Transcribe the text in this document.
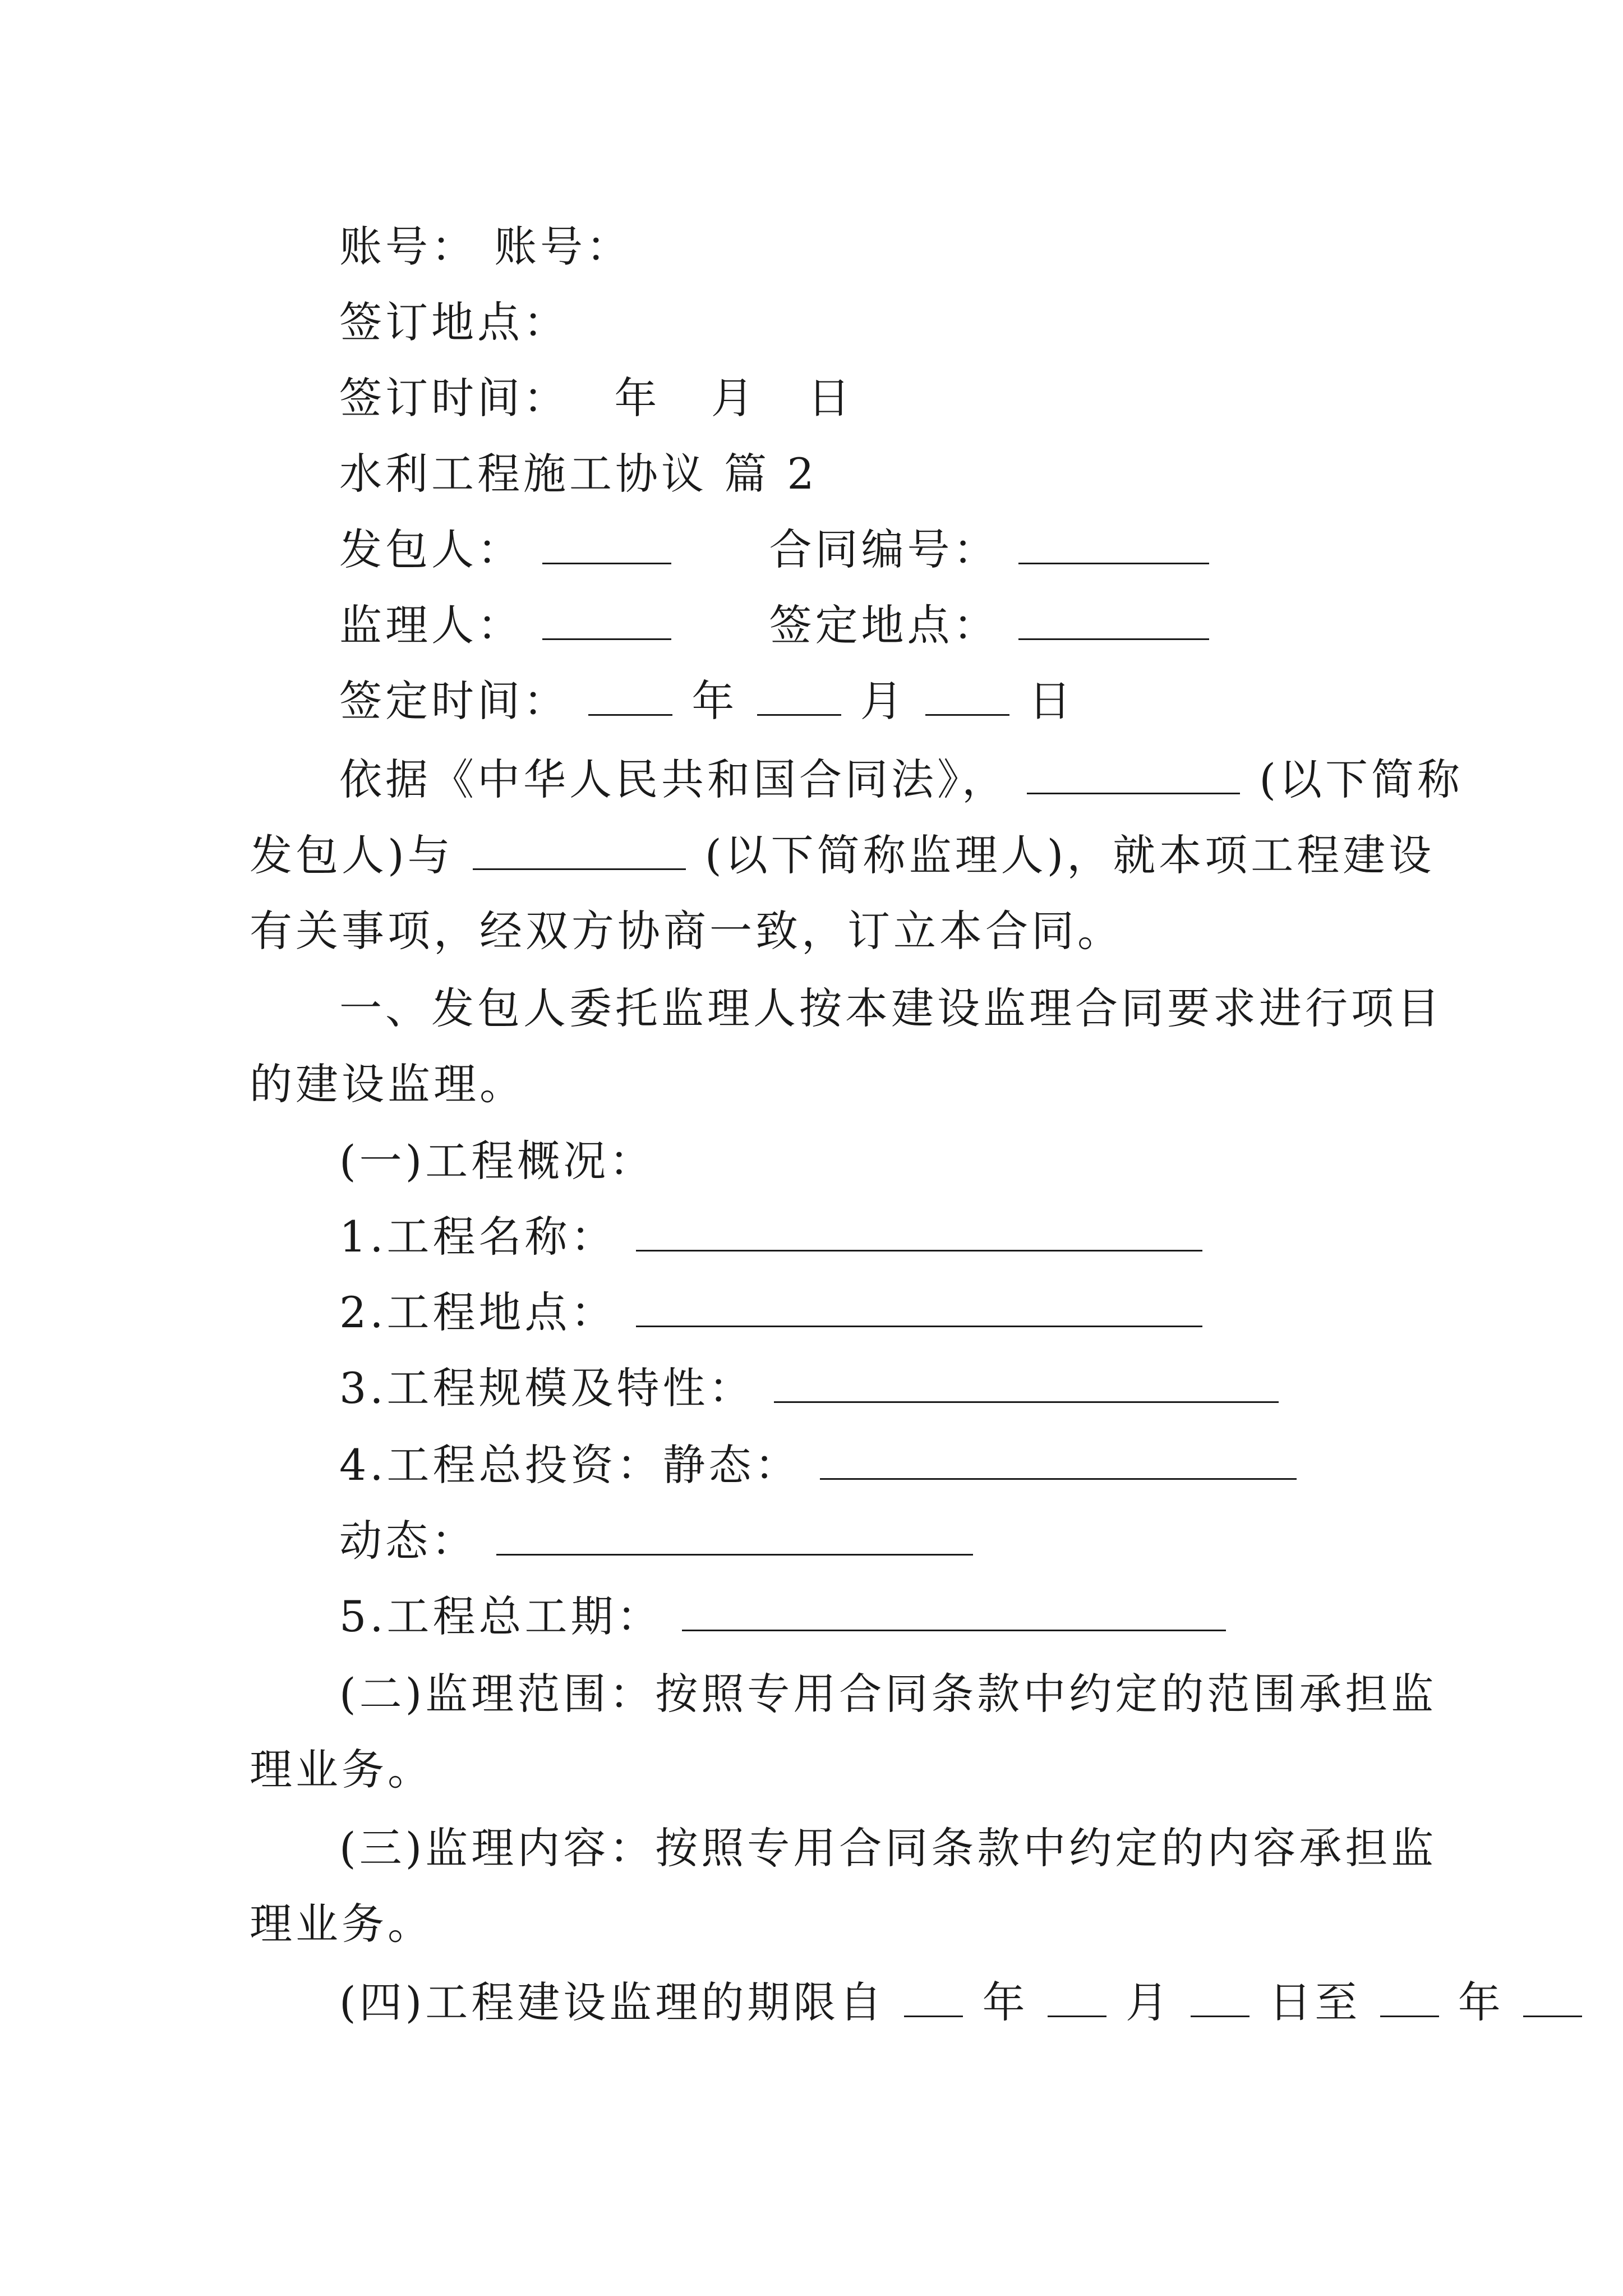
账号： 账号：
签订地点：
签订时间： 年 月 日
水利工程施工协议 篇 2
发包人：	合同编号：
监理人：	签定地点：
签定时间：	年	月	日
依据《中华人民共和国合同法》，	(以下简称
发包人)与	(以下简称监理人)，就本项工程建设
有关事项，经双方协商一致，订立本合同。
一、发包人委托监理人按本建设监理合同要求进行项目
的建设监理。
(一)工程概况：
1.工程名称：
2.工程地点：
3.工程规模及特性：
4.工程总投资：静态：
动态：
5.工程总工期：
(二)监理范围：按照专用合同条款中约定的范围承担监
理业务。
(三)监理内容：按照专用合同条款中约定的内容承担监
理业务。
(四)工程建设监理的期限自 年 月 日至 年
